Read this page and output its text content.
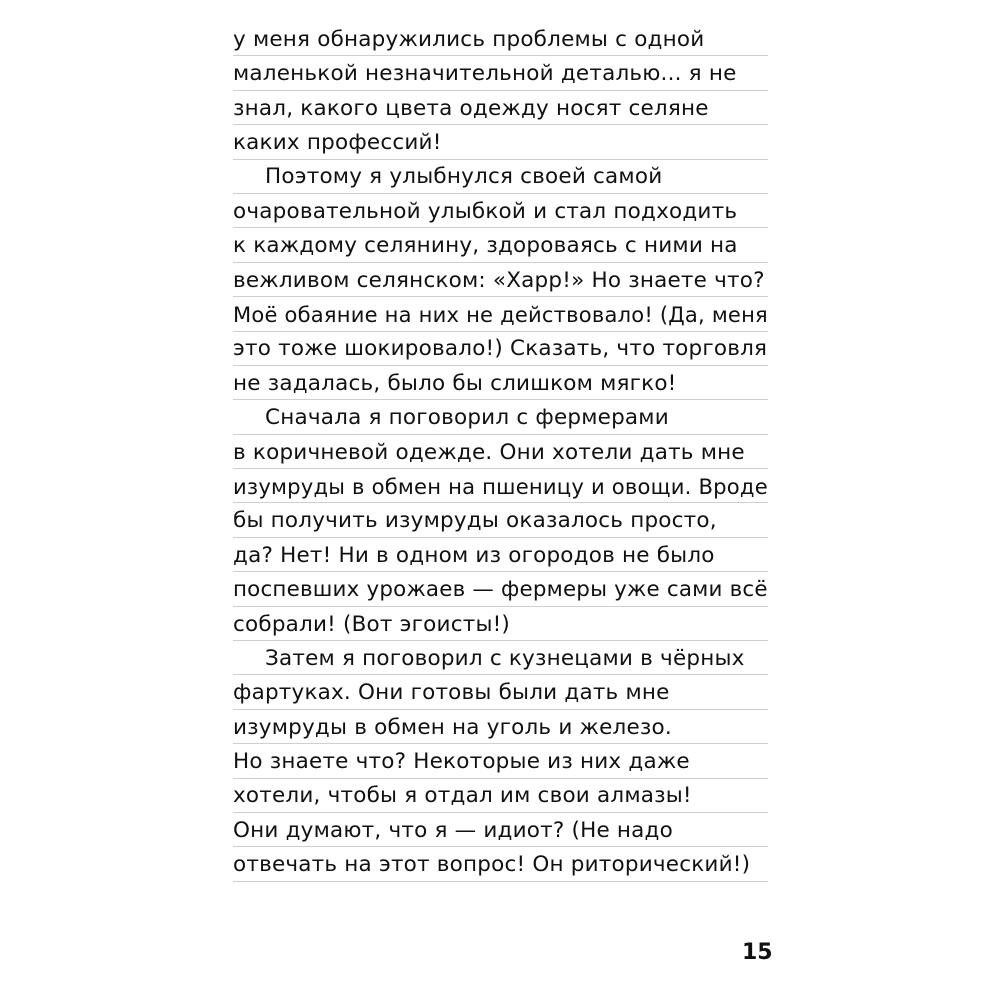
у меня обнаружились проблемы с одной
маленькой незначительной деталью... я не
знал, какого цвета одежду носят селяне
каких профессий!
Поэтому я улыбнулся своей самой
очаровательной улыбкой и стал подходить
к каждому селянину, здороваясь с ними на
вежливом селянском: «Харр!» Но знаете что?
Моё обаяние на них не действовало! (Да, меня
это тоже шокировало!) Сказать, что торговля
не задалась, было бы слишком мягко!
Сначала я поговорил с фермерами
в коричневой одежде. Они хотели дать мне
изумруды в обмен на пшеницу и овощи. Вроде
бы получить изумруды оказалось просто,
да? Нет! Ни в одном из огородов не было
поспевших урожаев — фермеры уже сами всё
собрали! (Вот эгоисты!)
Затем я поговорил с кузнецами в чёрных
фартуках. Они готовы были дать мне
изумруды в обмен на уголь и железо.
Но знаете что? Некоторые из них даже
хотели, чтобы я отдал им свои алмазы!
Они думают, что я — идиот? (Не надо
отвечать на этот вопрос! Он риторический!)
15
